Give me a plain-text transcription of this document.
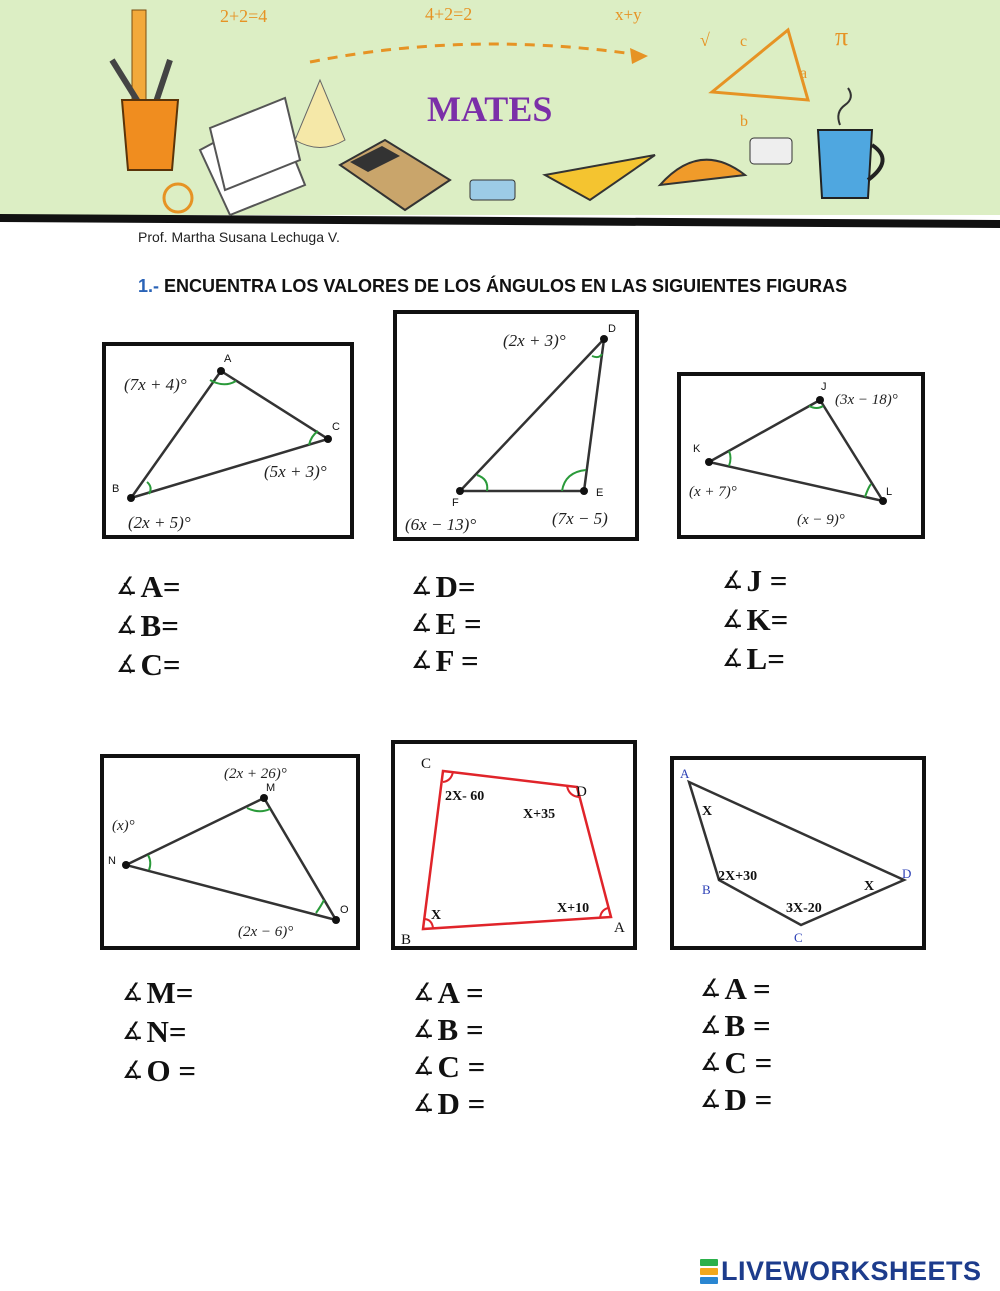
2+2=4	4+2=2	x+y
π
a
b
c
√
MATES
Prof. Martha Susana Lechuga V.
1.- ENCUENTRA LOS VALORES DE LOS ÁNGULOS EN LAS SIGUIENTES FIGURAS
A
B
C
(7x + 4)°
(2x + 5)°
(5x + 3)°
D
E
F
(2x + 3)°
(7x − 5)
(6x − 13)°
J
K
L
(3x − 18)°
(x + 7)°
(x − 9)°
M
N
O
(2x + 26)°
(x)°
(2x − 6)°	A
B
C
D
X+10
X
2X- 60
X+35
A
B
C
D
X
2X+30
3X-20
X
∡ A=
∡ B=
∡ C=
∡ D=
∡ E =
∡ F =
∡ J =
∡ K=
∡ L=
∡ M=
∡ N=
∡ O =
∡ A =
∡ B =
∡ C =
∡ D =
∡ A =
∡ B =
∡ C =
∡ D =
LIVEWORKSHEETS
